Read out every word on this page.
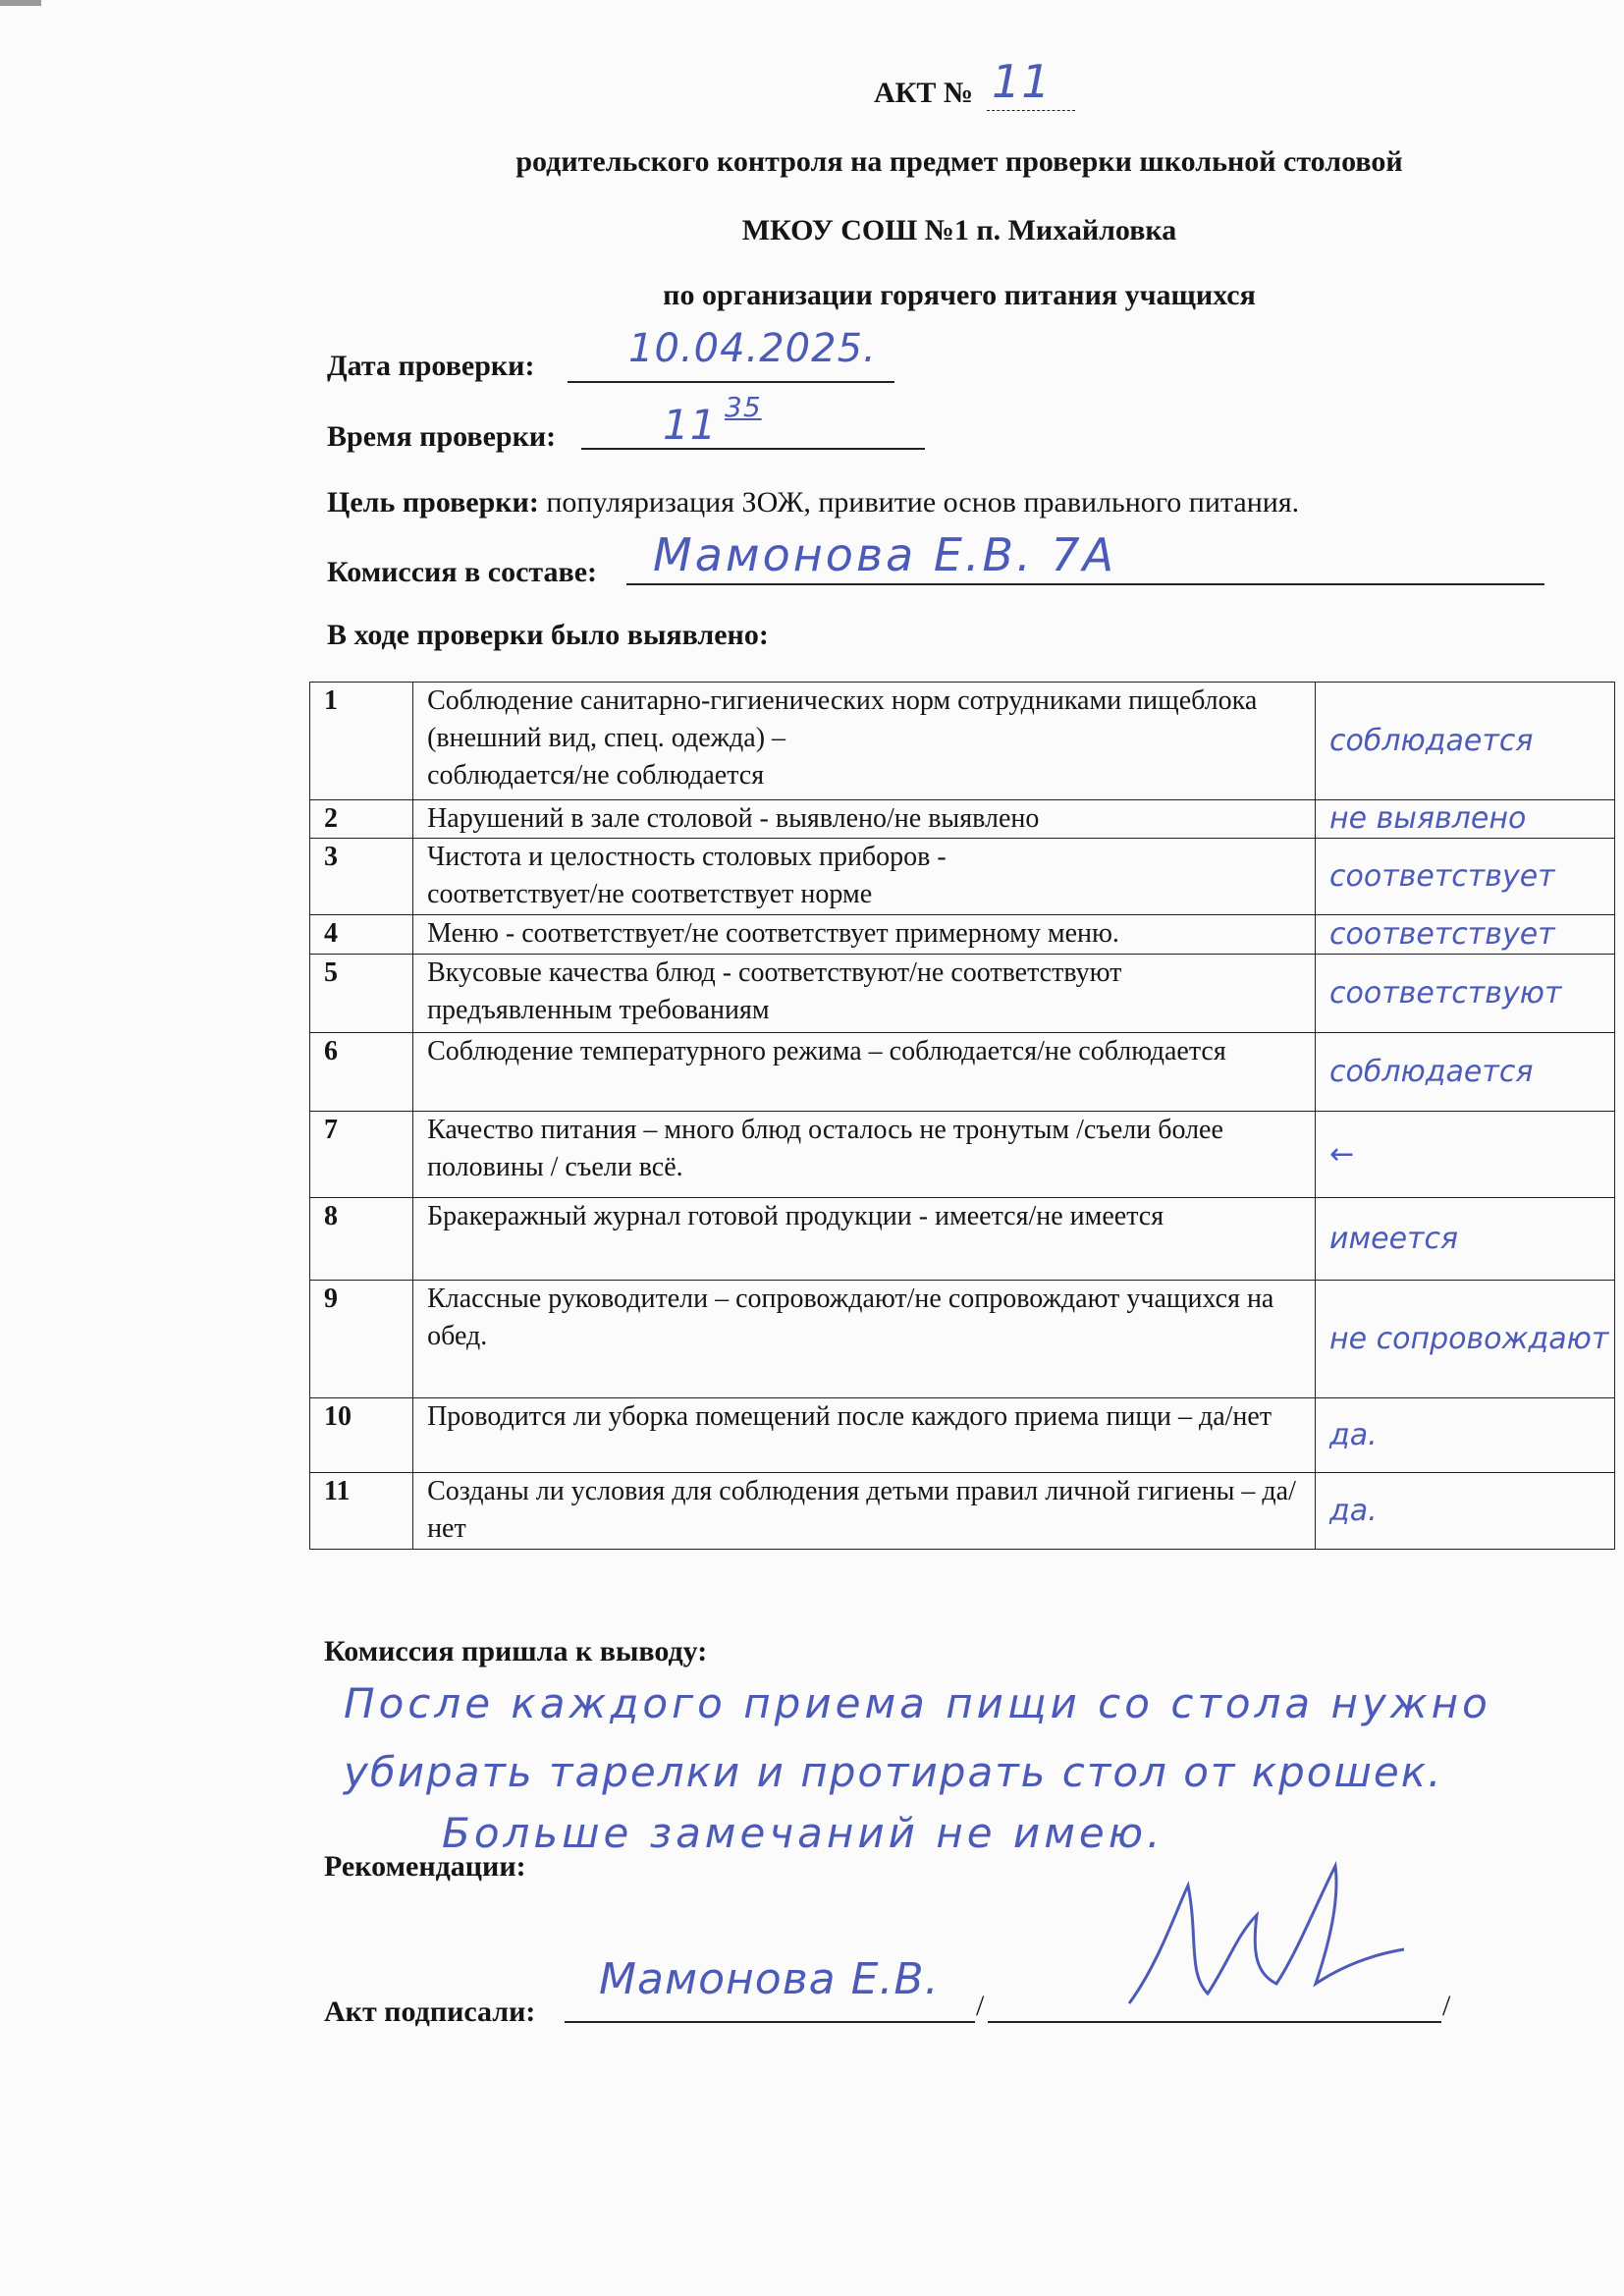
АКТ № 11
родительского контроля на предмет проверки школьной столовой
МКОУ СОШ №1 п. Михайловка
по организации горячего питания учащихся
Дата проверки: 10.04.2025.
Время проверки:	11 35
Цель проверки: популяризация ЗОЖ, привитие основ правильного питания.
Комиссия в составе: Мамонова Е.В. 7А
В ходе проверки было выявлено:
1	Соблюдение санитарно-гигиенических норм сотрудниками пищеблока (внешний вид, спец. одежда) –
соблюдается/не соблюдается	соблюдается
2	Нарушений в зале столовой - выявлено/не выявлено	не выявлено
3	Чистота и целостность столовых приборов -
соответствует/не соответствует норме	соответствует
4	Меню - соответствует/не соответствует примерному меню.	соответствует
5	Вкусовые качества блюд - соответствуют/не соответствуют предъявленным требованиям	соответствуют
6	Соблюдение температурного режима – соблюдается/не соблюдается	соблюдается
7	Качество питания – много блюд осталось не тронутым /съели более половины / съели всё.	←
8	Бракеражный журнал готовой продукции - имеется/не имеется	имеется
9	Классные руководители – сопровождают/не сопровождают учащихся на обед.	не сопровождают
10	Проводится ли уборка помещений после каждого приема пищи – да/нет	да.
11	Созданы ли условия для соблюдения детьми правил личной гигиены – да/ нет	да.
Комиссия пришла к выводу:
После каждого приема пищи со стола нужно
убирать тарелки и протирать стол от крошек.
Больше замечаний не имею.
Рекомендации:
Акт подписали:	/	/
Мамонова Е.В.
